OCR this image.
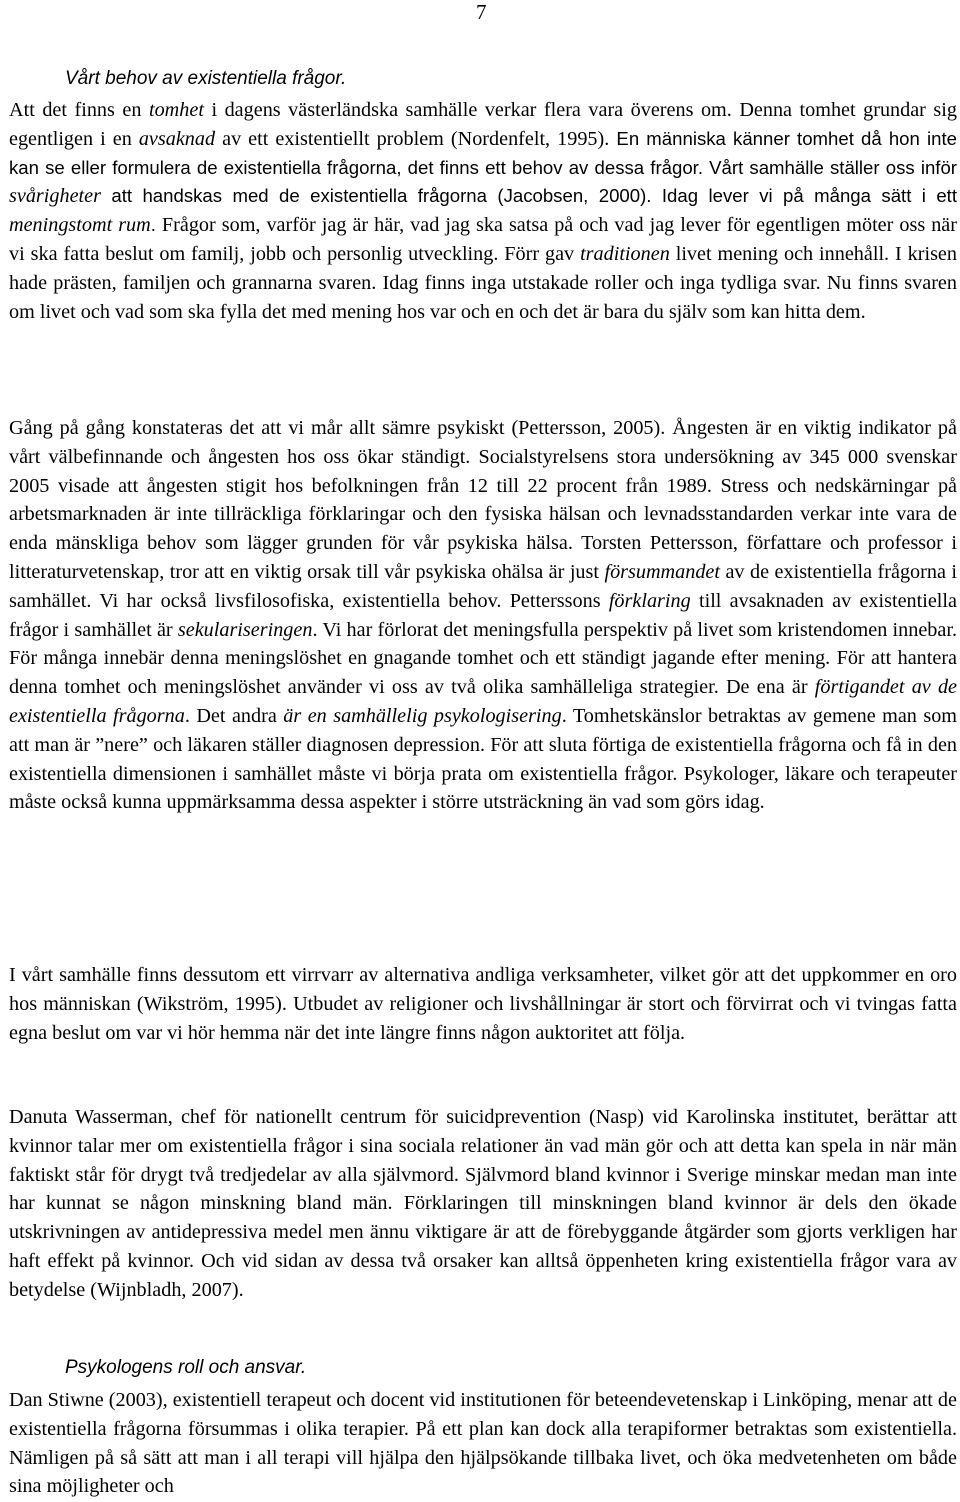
7
Vårt behov av existentiella frågor.

Att det finns en tomhet i dagens västerländska samhälle verkar flera vara överens om. Denna tomhet grundar sig egentligen i en avsaknad av ett existentiellt problem (Nordenfelt, 1995). En människa känner tomhet då hon inte kan se eller formulera de existentiella frågorna, det finns ett behov av dessa frågor. Vårt samhälle ställer oss inför svårigheter att handskas med de existentiella frågorna (Jacobsen, 2000). Idag lever vi på många sätt i ett meningstomt rum. Frågor som, varför jag är här, vad jag ska satsa på och vad jag lever för egentligen möter oss när vi ska fatta beslut om familj, jobb och personlig utveckling. Förr gav traditionen livet mening och innehåll. I krisen hade prästen, familjen och grannarna svaren. Idag finns inga utstakade roller och inga tydliga svar. Nu finns svaren om livet och vad som ska fylla det med mening hos var och en och det är bara du själv som kan hitta dem.

Gång på gång konstateras det att vi mår allt sämre psykiskt (Pettersson, 2005). Ångesten är en viktig indikator på vårt välbefinnande och ångesten hos oss ökar ständigt. Socialstyrelsens stora undersökning av 345 000 svenskar 2005 visade att ångesten stigit hos befolkningen från 12 till 22 procent från 1989. Stress och nedskärningar på arbetsmarknaden är inte tillräckliga förklaringar och den fysiska hälsan och levnadsstandarden verkar inte vara de enda mänskliga behov som lägger grunden för vår psykiska hälsa. Torsten Pettersson, författare och professor i litteraturvetenskap, tror att en viktig orsak till vår psykiska ohälsa är just försummandet av de existentiella frågorna i samhället. Vi har också livsfilosofiska, existentiella behov. Petterssons förklaring till avsaknaden av existentiella frågor i samhället är sekulariseringen. Vi har förlorat det meningsfulla perspektiv på livet som kristendomen innebar. För många innebär denna meningslöshet en gnagande tomhet och ett ständigt jagande efter mening. För att hantera denna tomhet och meningslöshet använder vi oss av två olika samhälleliga strategier. De ena är förtigandet av de existentiella frågorna. Det andra är en samhällelig psykologisering. Tomhetskänslor betraktas av gemene man som att man är ”nere” och läkaren ställer diagnosen depression. För att sluta förtiga de existentiella frågorna och få in den existentiella dimensionen i samhället måste vi börja prata om existentiella frågor. Psykologer, läkare och terapeuter måste också kunna uppmärksamma dessa aspekter i större utsträckning än vad som görs idag.

I vårt samhälle finns dessutom ett virrvarr av alternativa andliga verksamheter, vilket gör att det uppkommer en oro hos människan (Wikström, 1995). Utbudet av religioner och livshållningar är stort och förvirrat och vi tvingas fatta egna beslut om var vi hör hemma när det inte längre finns någon auktoritet att följa.

Danuta Wasserman, chef för nationellt centrum för suicidprevention (Nasp) vid Karolinska institutet, berättar att kvinnor talar mer om existentiella frågor i sina sociala relationer än vad män gör och att detta kan spela in när män faktiskt står för drygt två tredjedelar av alla självmord. Självmord bland kvinnor i Sverige minskar medan man inte har kunnat se någon minskning bland män. Förklaringen till minskningen bland kvinnor är dels den ökade utskrivningen av antidepressiva medel men ännu viktigare är att de förebyggande åtgärder som gjorts verkligen har haft effekt på kvinnor. Och vid sidan av dessa två orsaker kan alltså öppenheten kring existentiella frågor vara av betydelse (Wijnbladh, 2007).

Psykologens roll och ansvar.

Dan Stiwne (2003), existentiell terapeut och docent vid institutionen för beteendevetenskap i Linköping, menar att de existentiella frågorna försummas i olika terapier. På ett plan kan dock alla terapiformer betraktas som existentiella. Nämligen på så sätt att man i all terapi vill hjälpa den hjälpsökande tillbaka livet, och öka medvetenheten om både sina möjligheter och
